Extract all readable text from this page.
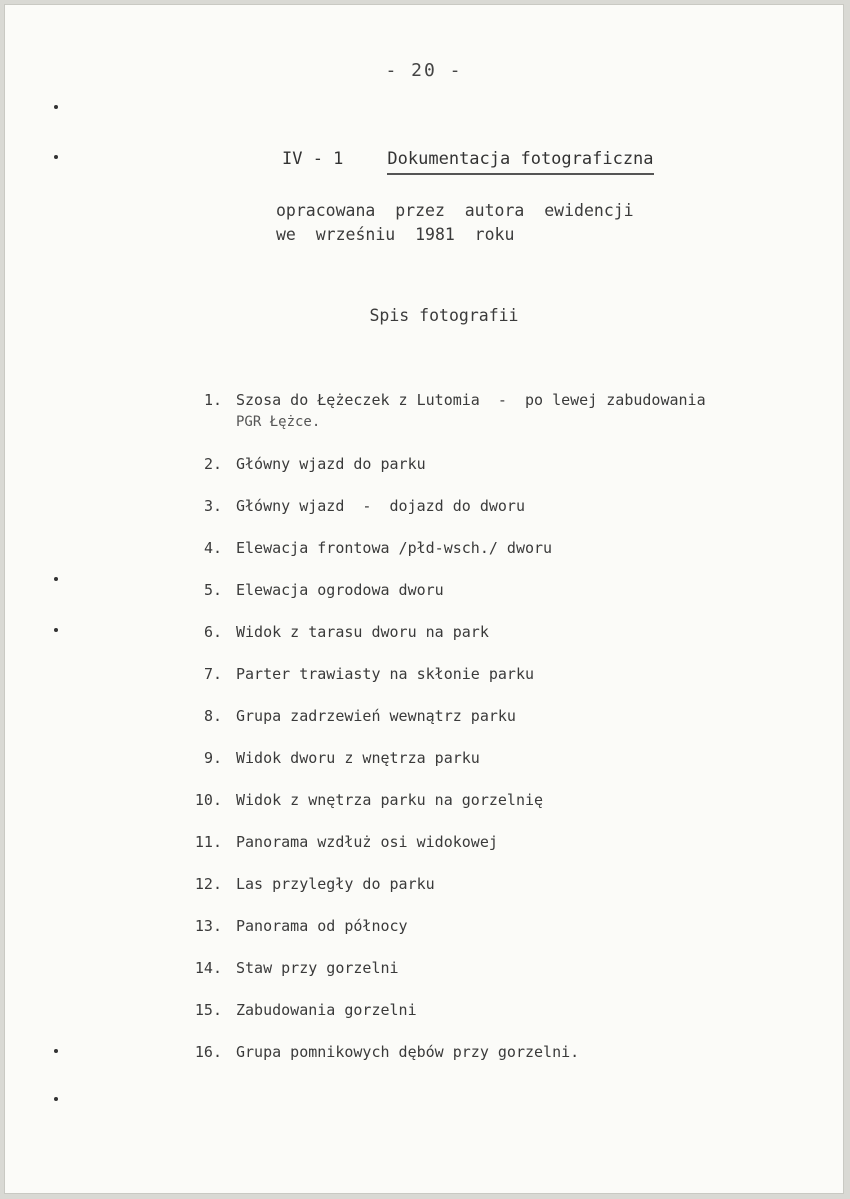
- 20 -
IV - 1	Dokumentacja fotograficzna
opracowana  przez  autora  ewidencji
we  wrześniu  1981  roku
Spis fotografii
1. Szosa do Łężeczek z Lutomia  -  po lewej zabudowania
PGR Łężce.
2. Główny wjazd do parku
3. Główny wjazd  -  dojazd do dworu
4. Elewacja frontowa /płd-wsch./ dworu
5. Elewacja ogrodowa dworu
6. Widok z tarasu dworu na park
7. Parter trawiasty na skłonie parku
8. Grupa zadrzewień wewnątrz parku
9. Widok dworu z wnętrza parku
10. Widok z wnętrza parku na gorzelnię
11. Panorama wzdłuż osi widokowej
12. Las przyległy do parku
13. Panorama od północy
14. Staw przy gorzelni
15. Zabudowania gorzelni
16. Grupa pomnikowych dębów przy gorzelni.
